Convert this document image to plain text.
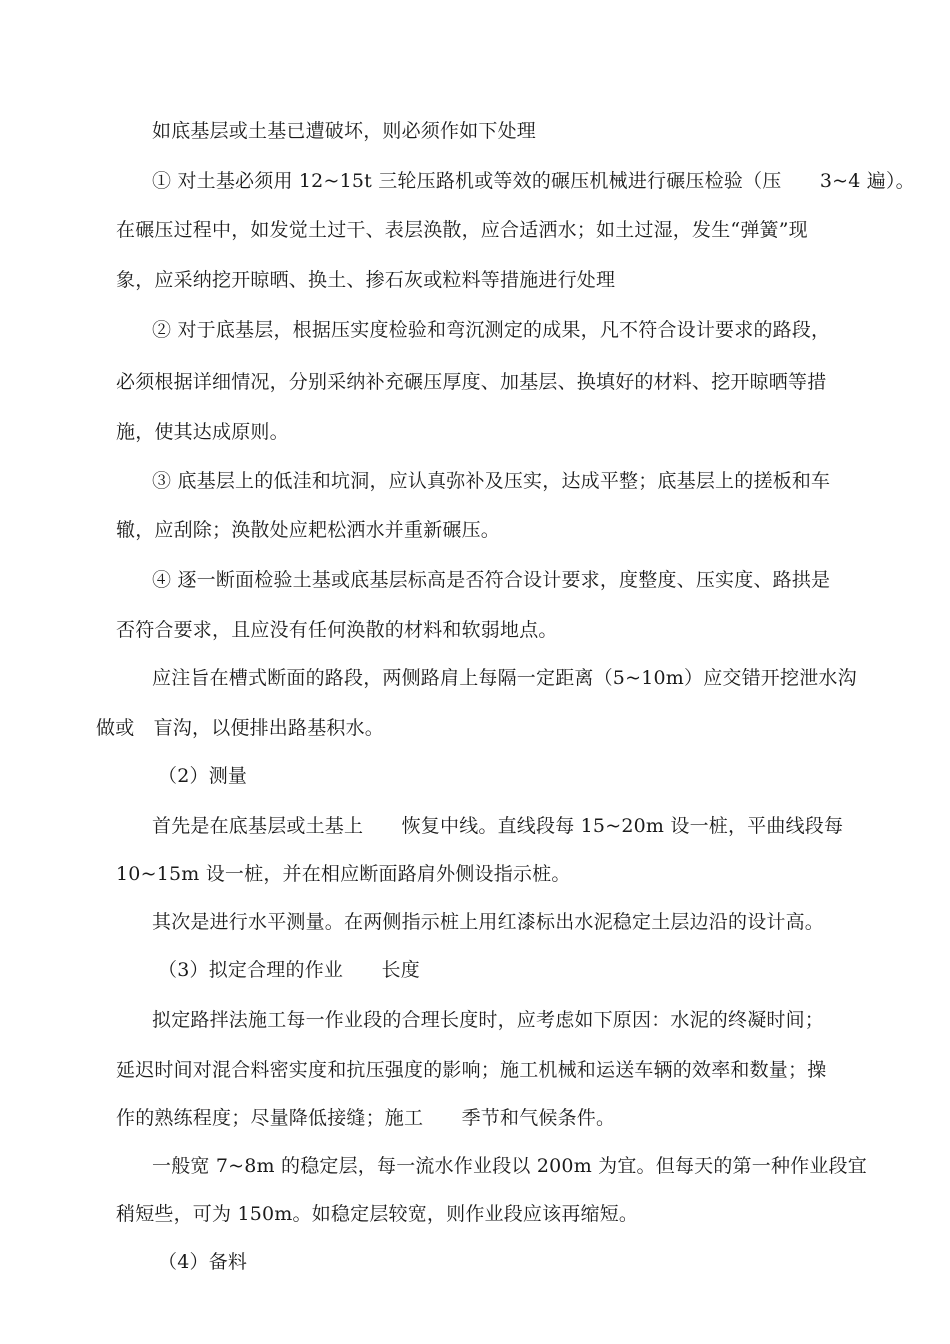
如底基层或土基已遭破坏，则必须作如下处理
① 对土基必须用 12~15t 三轮压路机或等效的碾压机械进行碾压检验（压　　3~4 遍）。
在碾压过程中，如发觉土过干、表层涣散，应合适洒水；如土过湿，发生“弹簧”现
象，应采纳挖开晾晒、换土、掺石灰或粒料等措施进行处理
② 对于底基层，根据压实度检验和弯沉测定的成果，凡不符合设计要求的路段，
必须根据详细情况，分别采纳补充碾压厚度、加基层、换填好的材料、挖开晾晒等措
施，使其达成原则。
③ 底基层上的低洼和坑洞，应认真弥补及压实，达成平整；底基层上的搓板和车
辙，应刮除；涣散处应耙松洒水并重新碾压。
④ 逐一断面检验土基或底基层标高是否符合设计要求，度整度、压实度、路拱是
否符合要求，且应没有任何涣散的材料和软弱地点。
应注旨在槽式断面的路段，两侧路肩上每隔一定距离（5~10m）应交错开挖泄水沟
做或　盲沟，以便排出路基积水。
（2）测量
首先是在底基层或土基上　　恢复中线。直线段每 15~20m 设一桩，平曲线段每
10~15m 设一桩，并在相应断面路肩外侧设指示桩。
其次是进行水平测量。在两侧指示桩上用红漆标出水泥稳定土层边沿的设计高。
（3）拟定合理的作业　　长度
拟定路拌法施工每一作业段的合理长度时，应考虑如下原因：水泥的终凝时间；
延迟时间对混合料密实度和抗压强度的影响；施工机械和运送车辆的效率和数量；操
作的熟练程度；尽量降低接缝；施工　　季节和气候条件。
一般宽 7~8m 的稳定层，每一流水作业段以 200m 为宜。但每天的第一种作业段宜
稍短些，可为 150m。如稳定层较宽，则作业段应该再缩短。
（4）备料
